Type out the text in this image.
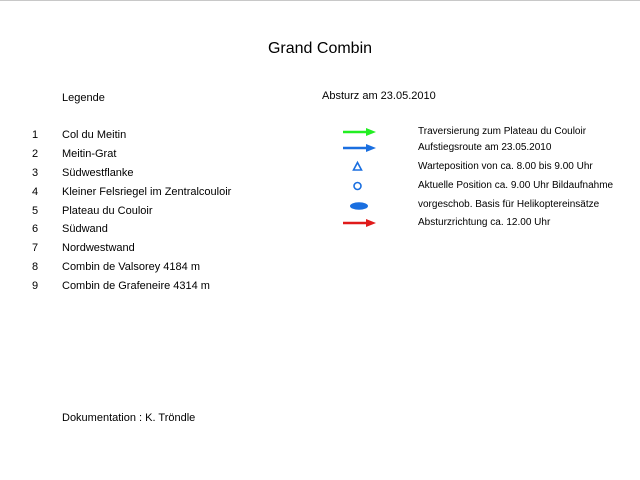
Grand Combin
Legende	Absturz am 23.05.2010
1 Col du Meitin
2 Meitin-Grat
3 Südwestflanke
4 Kleiner Felsriegel im Zentralcouloir
5 Plateau du Couloir
6 Südwand
7 Nordwestwand
8 Combin de Valsorey 4184 m
9 Combin de Grafeneire 4314 m
Traversierung zum Plateau du Couloir
Aufstiegsroute am 23.05.2010
Warteposition von ca. 8.00 bis 9.00 Uhr
Aktuelle Position ca. 9.00 Uhr Bildaufnahme
vorgeschob. Basis für Helikoptereinsätze
Absturzrichtung ca. 12.00 Uhr
Dokumentation : K. Tröndle
